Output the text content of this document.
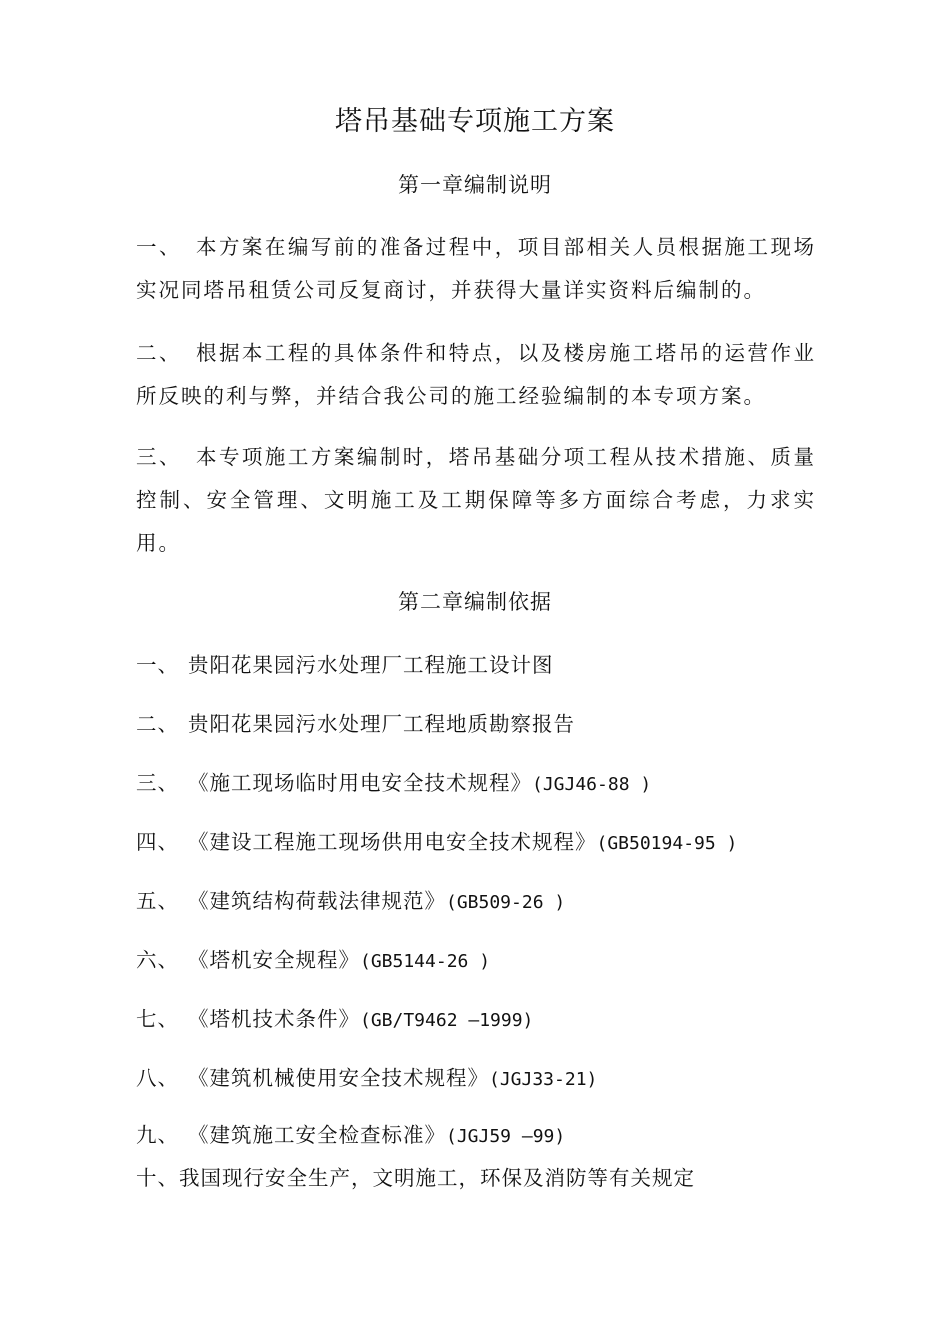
塔吊基础专项施工方案
第一章编制说明
一、 本方案在编写前的准备过程中，项目部相关人员根据施工现场实况同塔吊租赁公司反复商讨，并获得大量详实资料后编制的。
二、 根据本工程的具体条件和特点，以及楼房施工塔吊的运营作业所反映的利与弊，并结合我公司的施工经验编制的本专项方案。
三、 本专项施工方案编制时，塔吊基础分项工程从技术措施、质量控制、安全管理、文明施工及工期保障等多方面综合考虑，力求实用。
第二章编制依据
一、 贵阳花果园污水处理厂工程施工设计图
二、 贵阳花果园污水处理厂工程地质勘察报告
三、 《施工现场临时用电安全技术规程》(JGJ46-88 )
四、 《建设工程施工现场供用电安全技术规程》(GB50194-95 )
五、 《建筑结构荷载法律规范》(GB509-26 )
六、 《塔机安全规程》(GB5144-26 )
七、 《塔机技术条件》(GB/T9462 —1999)
八、 《建筑机械使用安全技术规程》(JGJ33-21)
九、 《建筑施工安全检查标准》(JGJ59 —99)
十、我国现行安全生产，文明施工，环保及消防等有关规定
